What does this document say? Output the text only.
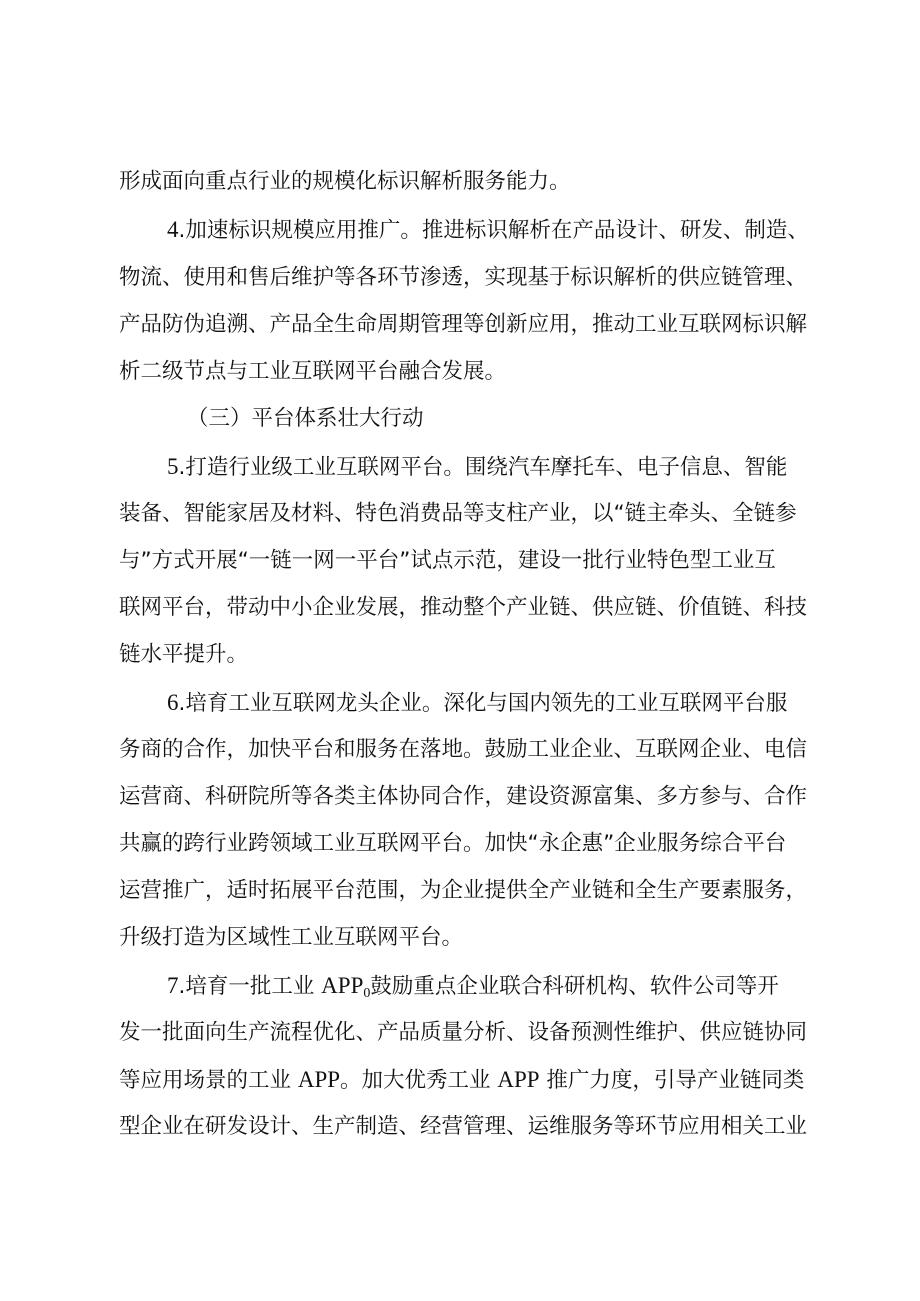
形成面向重点行业的规模化标识解析服务能力。

4.加速标识规模应用推广。推进标识解析在产品设计、研发、制造、

物流、使用和售后维护等各环节渗透，实现基于标识解析的供应链管理、

产品防伪追溯、产品全生命周期管理等创新应用，推动工业互联网标识解

析二级节点与工业互联网平台融合发展。

（三）平台体系壮大行动

5.打造行业级工业互联网平台。围绕汽车摩托车、电子信息、智能

装备、智能家居及材料、特色消费品等支柱产业，以“链主牵头、全链参

与”方式开展“一链一网一平台”试点示范，建设一批行业特色型工业互

联网平台，带动中小企业发展，推动整个产业链、供应链、价值链、科技

链水平提升。

6.培育工业互联网龙头企业。深化与国内领先的工业互联网平台服

务商的合作，加快平台和服务在落地。鼓励工业企业、互联网企业、电信

运营商、科研院所等各类主体协同合作，建设资源富集、多方参与、合作

共赢的跨行业跨领域工业互联网平台。加快“永企惠”企业服务综合平台

运营推广，适时拓展平台范围，为企业提供全产业链和全生产要素服务，

升级打造为区域性工业互联网平台。

7.培育一批工业 $APP_0$鼓励重点企业联合科研机构、软件公司等开

发一批面向生产流程优化、产品质量分析、设备预测性维护、供应链协同

等应用场景的工业 APP。加大优秀工业 APP 推广力度，引导产业链同类

型企业在研发设计、生产制造、经营管理、运维服务等环节应用相关工业
